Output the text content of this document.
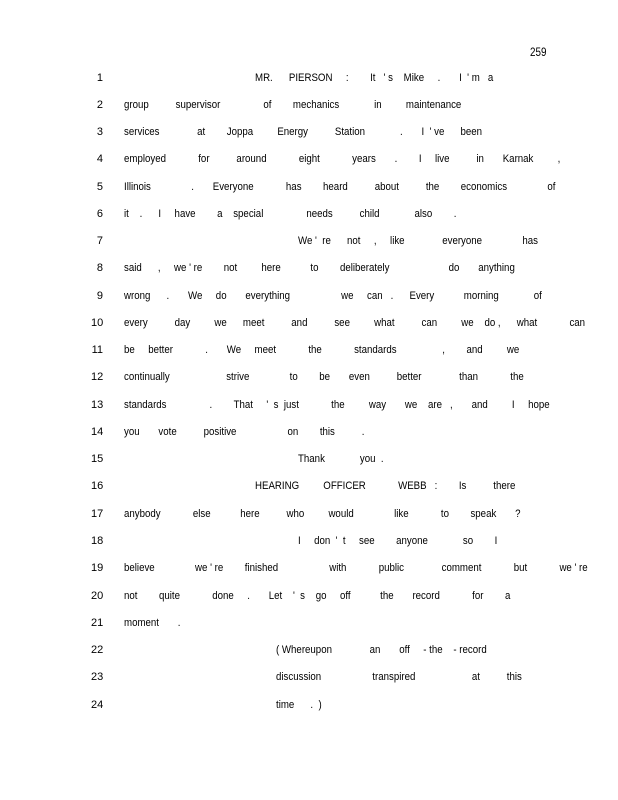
259
1	MR.      PIERSON     :        It   ' s    Mike     .       I  ' m   a
2 group          supervisor                of        mechanics             in         maintenance
3 services              at        Joppa         Energy          Station             .       I  ' ve      been
4 employed            for          around            eight            years       .        I     live          in       Karnak         ,
5 Illinois               .       Everyone            has        heard          about          the        economics               of
6 it    .      I     have        a    special                needs          child             also        .
7	We '  re      not     ,     like              everyone               has
8 said      ,     we ' re        not         here           to        deliberately                      do       anything
9 wrong      .       We     do       everything                   we     can   .      Every           morning             of
10 every          day         we      meet          and          see         what          can         we    do ,      what            can
11 be     better            .       We     meet            the            standards                 ,        and         we
12 continually                     strive               to        be       even          better              than            the
13 standards                .        That     '  s  just            the         way       we    are   ,       and         I     hope
14 you       vote          positive                   on        this          .
15	Thank             you  .
16	HEARING         OFFICER            WEBB   :        Is          there
17 anybody            else           here          who         would               like            to        speak       ?
18	I     don  '  t     see        anyone             so        I
19 believe               we ' re        finished                   with            public              comment            but            we ' re
20 not        quite            done     .       Let    '  s    go     off           the       record            for        a
21 moment       .
22	( Whereupon              an       off     - the    - record
23	discussion                   transpired                     at          this
24	time      .  )
